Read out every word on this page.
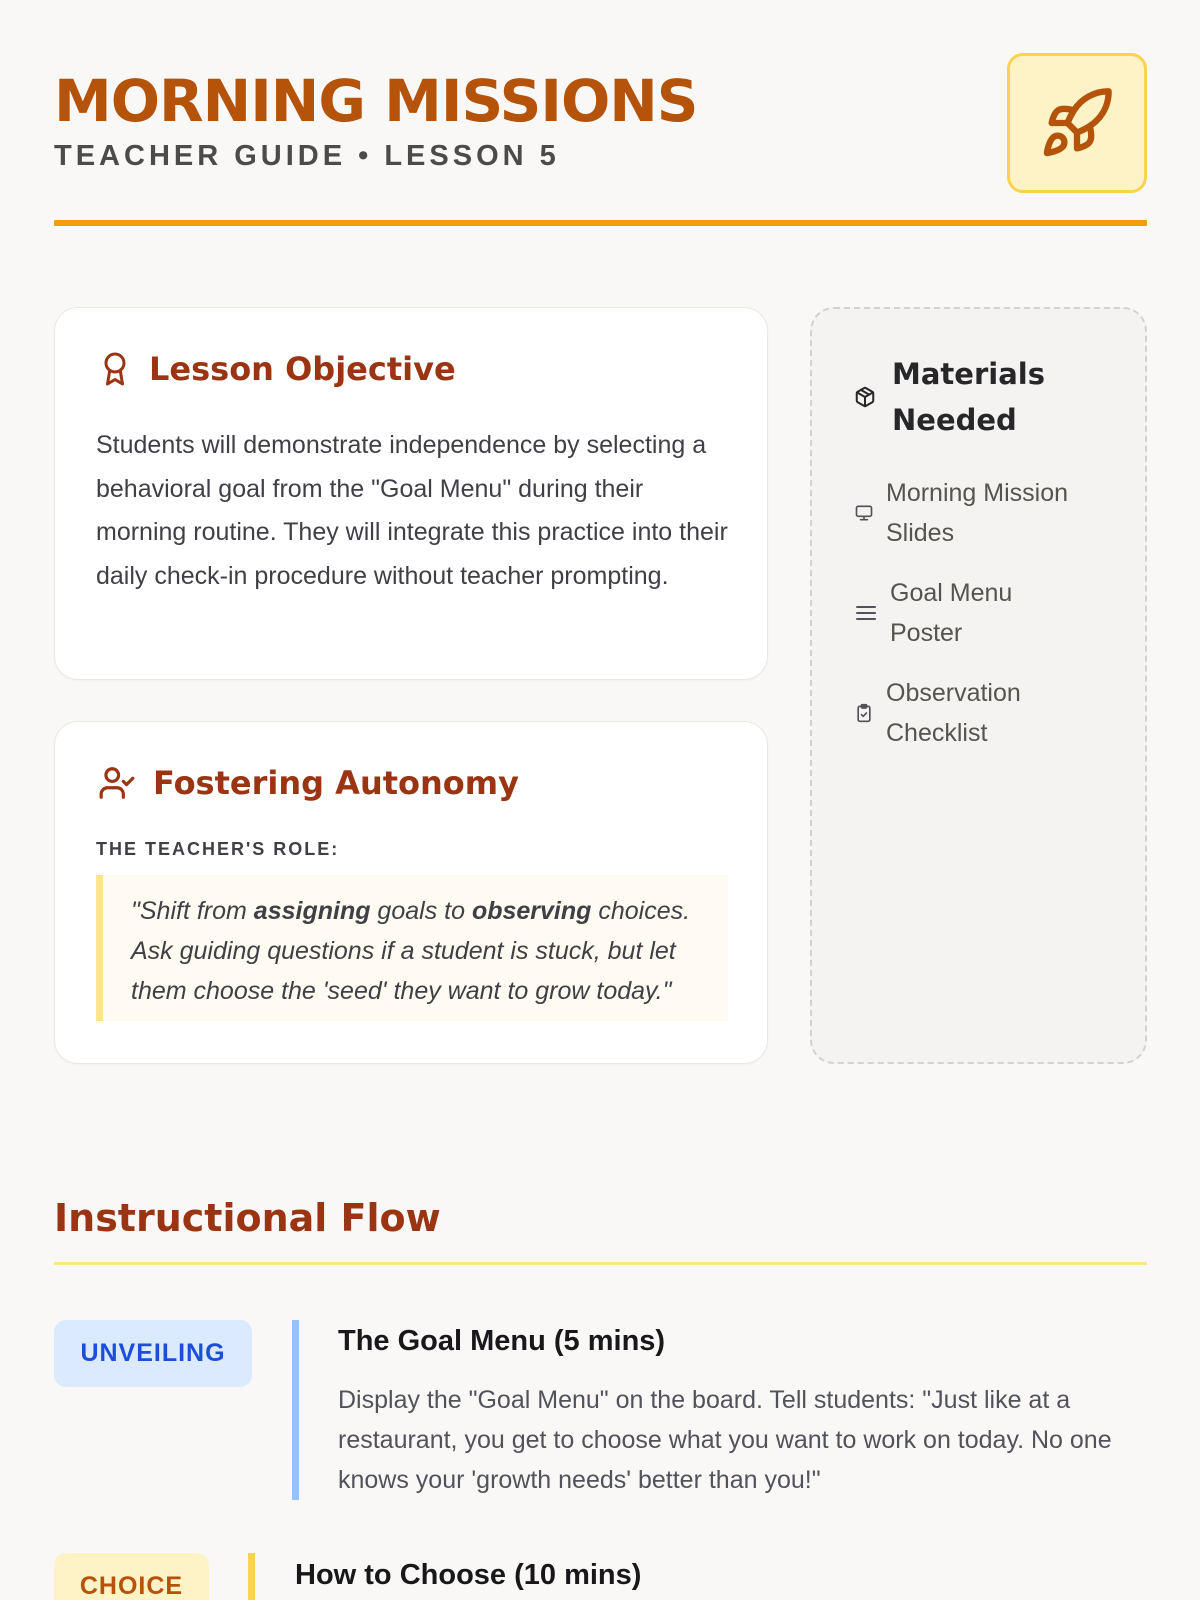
MORNING MISSIONS
TEACHER GUIDE • LESSON 5
Lesson Objective
Students will demonstrate independence by selecting a behavioral goal from the "Goal Menu" during their morning routine. They will integrate this practice into their daily check-in procedure without teacher prompting.
Fostering Autonomy
THE TEACHER'S ROLE:
"Shift from assigning goals to observing choices. Ask guiding questions if a student is stuck, but let them choose the 'seed' they want to grow today."
Materials Needed
Morning Mission Slides
Goal Menu Poster
Observation Checklist
Instructional Flow
UNVEILING	The Goal Menu (5 mins)
Display the "Goal Menu" on the board. Tell students: "Just like at a restaurant, you get to choose what you want to work on today. No one knows your 'growth needs' better than you!"
CHOICE	How to Choose (10 mins)
